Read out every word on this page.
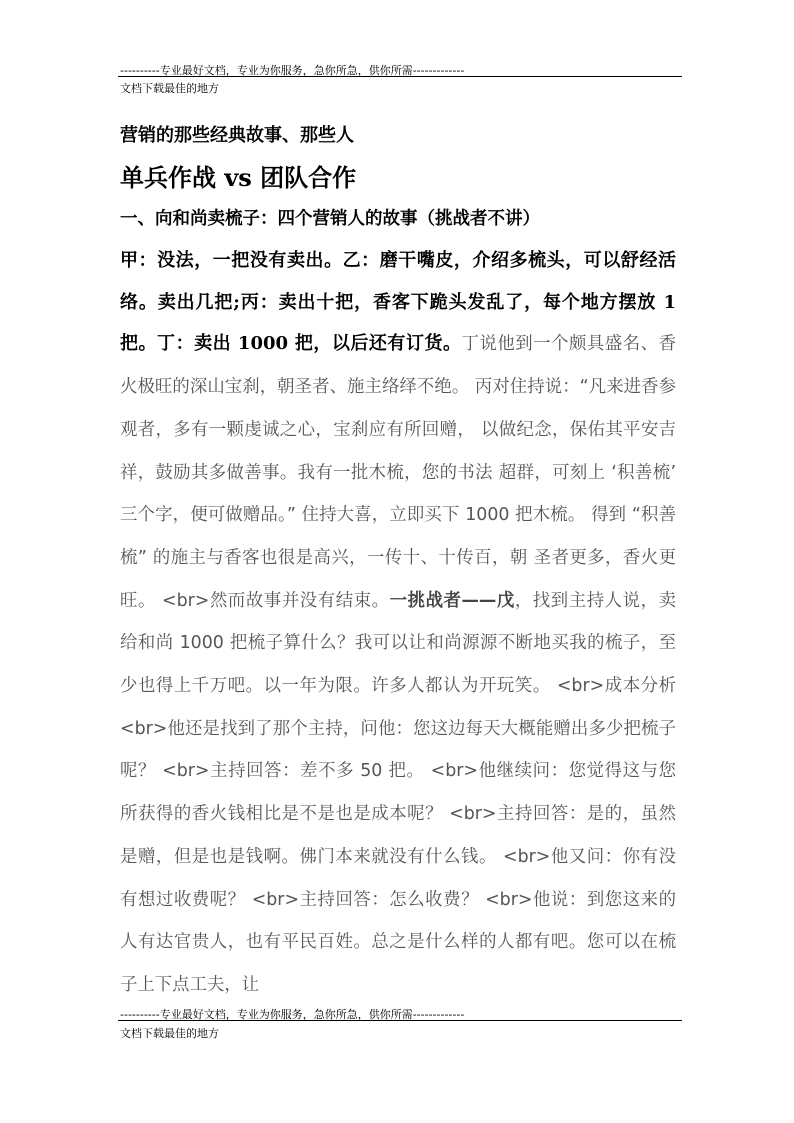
----------专业最好文档，专业为你服务，急你所急，供你所需-------------
文档下载最佳的地方
营销的那些经典故事、那些人
单兵作战 vs 团队合作
一、向和尚卖梳子：四个营销人的故事（挑战者不讲）
甲：没法，一把没有卖出。乙：磨干嘴皮，介绍多梳头，可以舒经活络。卖出几把;丙：卖出十把，香客下跪头发乱了，每个地方摆放 1 把。丁：卖出 1000 把，以后还有订货。丁说他到一个颇具盛名、香火极旺的深山宝刹，朝圣者、施主络绎不绝。 丙对住持说：“凡来进香参观者，多有一颗虔诚之心，宝刹应有所回赠， 以做纪念，保佑其平安吉祥，鼓励其多做善事。我有一批木梳，您的书法 超群，可刻上 ‘积善梳’ 三个字，便可做赠品。” 住持大喜，立即买下 1000 把木梳。 得到 “积善梳” 的施主与香客也很是高兴，一传十、十传百，朝 圣者更多，香火更旺。 <br>然而故事并没有结束。一挑战者——戊，找到主持人说，卖给和尚 1000 把梳子算什么？我可以让和尚源源不断地买我的梳子，至少也得上千万吧。以一年为限。许多人都认为开玩笑。 <br>成本分析 <br>他还是找到了那个主持，问他：您这边每天大概能赠出多少把梳子呢？ <br>主持回答：差不多 50 把。 <br>他继续问：您觉得这与您所获得的香火钱相比是不是也是成本呢？ <br>主持回答：是的，虽然是赠，但是也是钱啊。佛门本来就没有什么钱。 <br>他又问：你有没有想过收费呢？ <br>主持回答：怎么收费？ <br>他说：到您这来的人有达官贵人，也有平民百姓。总之是什么样的人都有吧。您可以在梳子上下点工夫，让
----------专业最好文档，专业为你服务，急你所急，供你所需-------------
文档下载最佳的地方
